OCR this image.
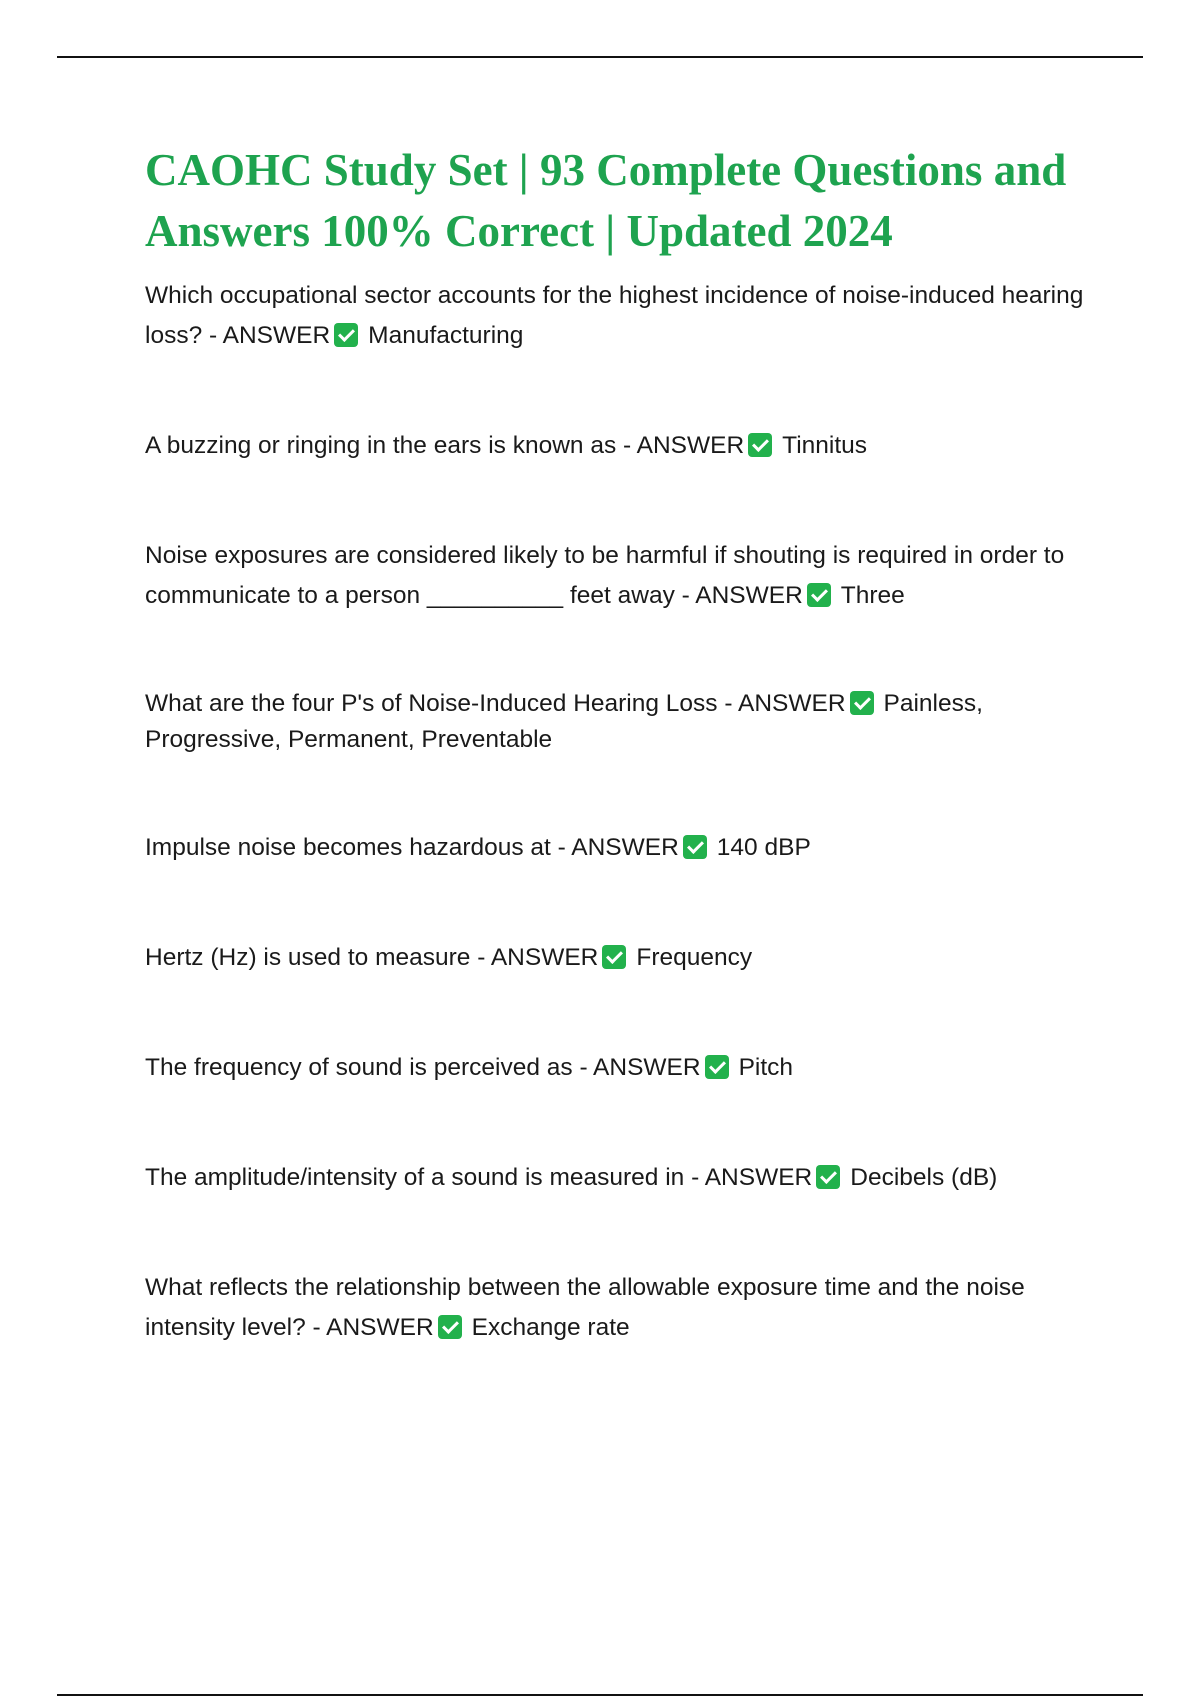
CAOHC Study Set | 93 Complete Questions and Answers 100% Correct | Updated 2024
Which occupational sector accounts for the highest incidence of noise-induced hearing loss? - ANSWER Manufacturing
A buzzing or ringing in the ears is known as - ANSWER Tinnitus
Noise exposures are considered likely to be harmful if shouting is required in order to communicate to a person __________ feet away - ANSWER Three
What are the four P's of Noise-Induced Hearing Loss - ANSWER Painless, Progressive, Permanent, Preventable
Impulse noise becomes hazardous at - ANSWER 140 dBP
Hertz (Hz) is used to measure - ANSWER Frequency
The frequency of sound is perceived as - ANSWER Pitch
The amplitude/intensity of a sound is measured in - ANSWER Decibels (dB)
What reflects the relationship between the allowable exposure time and the noise intensity level? - ANSWER Exchange rate
